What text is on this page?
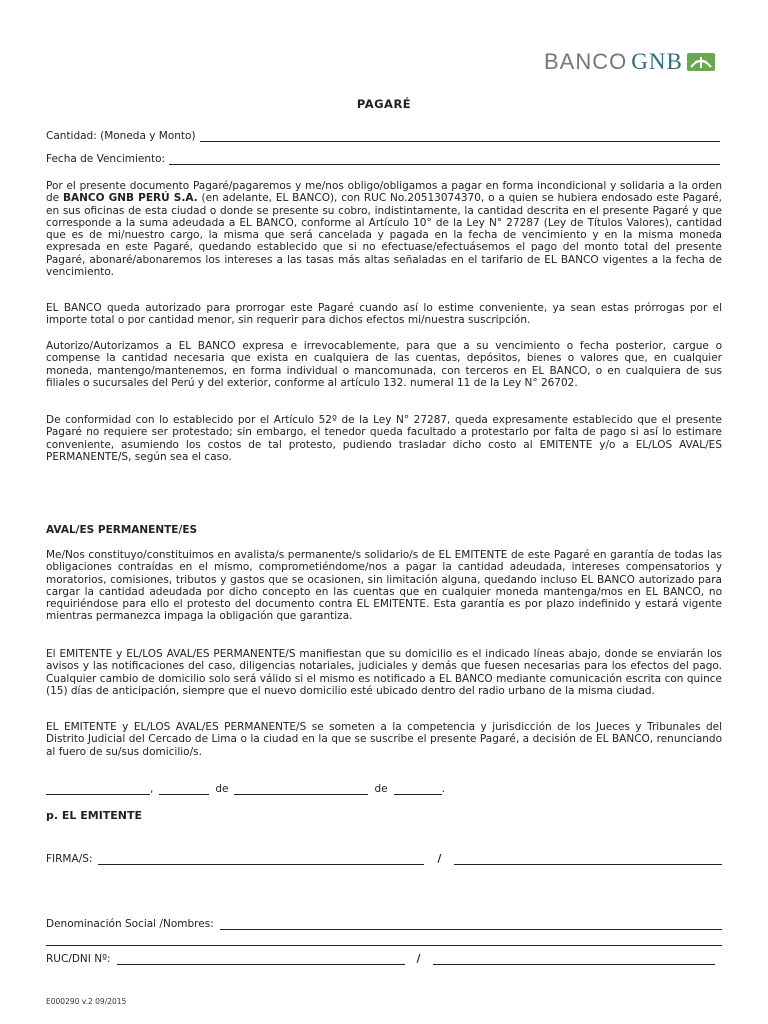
BANCO GNB
PAGARÉ
Cantidad: (Moneda y Monto)
Fecha de Vencimiento:
Por el presente documento Pagaré/pagaremos y me/nos obligo/obligamos a pagar en forma incondicional y solidaria a la orden de BANCO GNB PERÚ S.A. (en adelante, EL BANCO), con RUC No.20513074370, o a quien se hubiera endosado este Pagaré, en sus oficinas de esta ciudad o donde se presente su cobro, indistintamente, la cantidad descrita en el presente Pagaré y que corresponde a la suma adeudada a EL BANCO, conforme al Artículo 10° de la Ley N° 27287 (Ley de Títulos Valores), cantidad que es de mi/nuestro cargo, la misma que será cancelada y pagada en la fecha de vencimiento y en la misma moneda expresada en este Pagaré, quedando establecido que si no efectuase/efectuásemos el pago del monto total del presente Pagaré, abonaré/abonaremos los intereses a las tasas más altas señaladas en el tarifario de EL BANCO vigentes a la fecha de vencimiento.
EL BANCO queda autorizado para prorrogar este Pagaré cuando así lo estime conveniente, ya sean estas prórrogas por el importe total o por cantidad menor, sin requerir para dichos efectos mi/nuestra suscripción.
Autorizo/Autorizamos a EL BANCO expresa e irrevocablemente, para que a su vencimiento o fecha posterior, cargue o compense la cantidad necesaria que exista en cualquiera de las cuentas, depósitos, bienes o valores que, en cualquier moneda, mantengo/mantenemos, en forma individual o mancomunada, con terceros en EL BANCO, o en cualquiera de sus filiales o sucursales del Perú y del exterior, conforme al artículo 132. numeral 11 de la Ley N° 26702.
De conformidad con lo establecido por el Artículo 52º de la Ley N° 27287, queda expresamente establecido que el presente Pagaré no requiere ser protestado; sin embargo, el tenedor queda facultado a protestarlo por falta de pago si así lo estimare conveniente, asumiendo los costos de tal protesto, pudiendo trasladar dicho costo al EMITENTE y/o a EL/LOS AVAL/ES PERMANENTE/S, según sea el caso.
AVAL/ES PERMANENTE/ES
Me/Nos constituyo/constituimos en avalista/s permanente/s solidario/s de EL EMITENTE de este Pagaré en garantía de todas las obligaciones contraídas en el mismo, comprometiéndome/nos a pagar la cantidad adeudada, intereses compensatorios y moratorios, comisiones, tributos y gastos que se ocasionen, sin limitación alguna, quedando incluso EL BANCO autorizado para cargar la cantidad adeudada por dicho concepto en las cuentas que en cualquier moneda mantenga/mos en EL BANCO, no requiriéndose para ello el protesto del documento contra EL EMITENTE. Esta garantía es por plazo indefinido y estará vigente mientras permanezca impaga la obligación que garantiza.
El EMITENTE y EL/LOS AVAL/ES PERMANENTE/S manifiestan que su domicilio es el indicado líneas abajo, donde se enviarán los avisos y las notificaciones del caso, diligencias notariales, judiciales y demás que fuesen necesarias para los efectos del pago. Cualquier cambio de domicilio solo será válido si el mismo es notificado a EL BANCO mediante comunicación escrita con quince (15) días de anticipación, siempre que el nuevo domicilio esté ubicado dentro del radio urbano de la misma ciudad.
EL EMITENTE y EL/LOS AVAL/ES PERMANENTE/S se someten a la competencia y jurisdicción de los Jueces y Tribunales del Distrito Judicial del Cercado de Lima o la ciudad en la que se suscribe el presente Pagaré, a decisión de EL BANCO, renunciando al fuero de su/sus domicilio/s.
,	de	de	.
p. EL EMITENTE
FIRMA/S:	/
Denominación Social /Nombres:
RUC/DNI Nº:	/
E000290 v.2 09/2015
